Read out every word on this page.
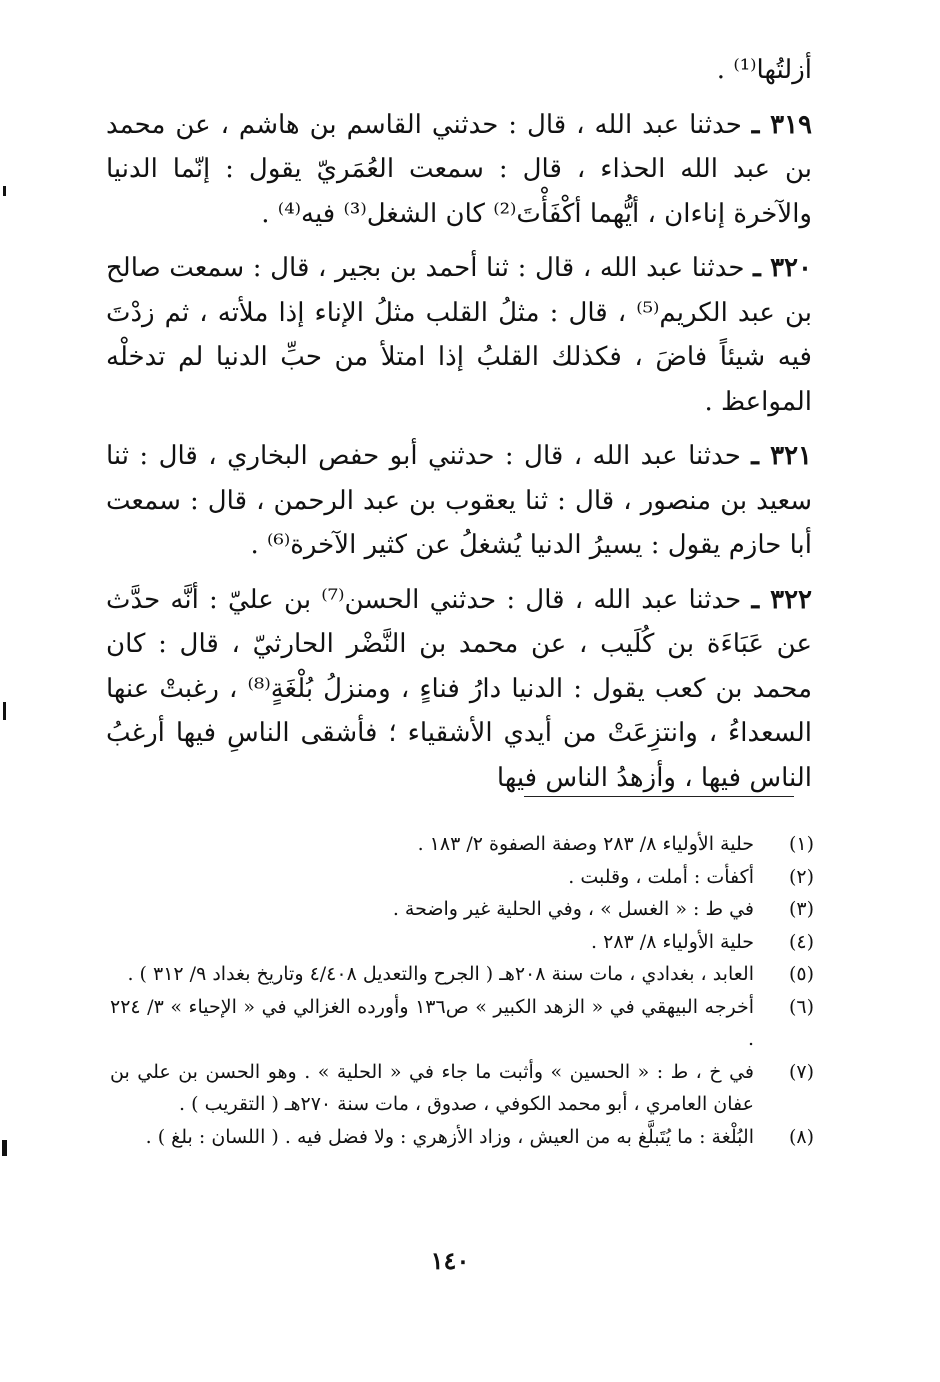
أزلتُها⁽¹⁾ .

٣١٩ ـ حدثنا عبد الله ، قال : حدثني القاسم بن هاشم ، عن محمد بن عبد الله الحذاء ، قال : سمعت العُمَريّ يقول : إنّما الدنيا والآخرة إناءان ، أيُّهما أكْفَأْتَ⁽²⁾ كان الشغل⁽³⁾ فيه⁽⁴⁾ .

٣٢٠ ـ حدثنا عبد الله ، قال : ثنا أحمد بن بجير ، قال : سمعت صالح بن عبد الكريم⁽⁵⁾ ، قال : مثلُ القلب مثلُ الإناء إذا ملأته ، ثم زدْتَ فيه شيئاً فاضَ ، فكذلك القلبُ إذا امتلأ من حبِّ الدنيا لم تدخلْه المواعظ .

٣٢١ ـ حدثنا عبد الله ، قال : حدثني أبو حفص البخاري ، قال : ثنا سعيد بن منصور ، قال : ثنا يعقوب بن عبد الرحمن ، قال : سمعت أبا حازم يقول : يسيرُ الدنيا يُشغلُ عن كثير الآخرة⁽⁶⁾ .

٣٢٢ ـ حدثنا عبد الله ، قال : حدثني الحسن⁽⁷⁾ بن عليّ : أنَّه حدَّث عن عَبَاءَة بن كُلَيب ، عن محمد بن النَّضْر الحارثيّ ، قال : كان محمد بن كعب يقول : الدنيا دارُ فناءٍ ، ومنزلُ بُلْغَةٍ⁽⁸⁾ ، رغبتْ عنها السعداءُ ، وانتزِعَتْ من أيدي الأشقياء ؛ فأشقى الناسِ فيها أرغبُ الناس فيها ، وأزهدُ الناس فيها

(١)
حلية الأولياء ٨/ ٢٨٣ وصفة الصفوة ٢/ ١٨٣ .
(٢)
أكفأت : أملت ، وقلبت .
(٣)
في ط : « الغسل » ، وفي الحلية غير واضحة .
(٤)
حلية الأولياء ٨/ ٢٨٣ .
(٥)
العابد ، بغدادي ، مات سنة ٢٠٨هـ ( الجرح والتعديل ٤/٤٠٨ وتاريخ بغداد ٩/ ٣١٢ ) .
(٦)
أخرجه البيهقي في « الزهد الكبير » ص١٣٦ وأورده الغزالي في « الإحياء » ٣/ ٢٢٤ .
(٧)
في خ ، ط : « الحسين » وأثبت ما جاء في « الحلية » . وهو الحسن بن علي بن عفان العامري ، أبو محمد الكوفي ، صدوق ، مات سنة ٢٧٠هـ ( التقريب ) .
(٨)
البُلْغة : ما يُتَبلَّغ به من العيش ، وزاد الأزهري : ولا فضل فيه . ( اللسان : بلغ ) .
١٤٠
